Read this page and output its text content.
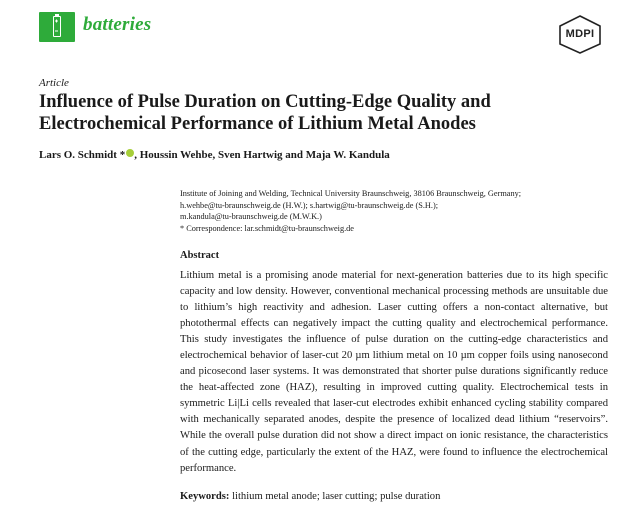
batteries	MDPI
Article
Influence of Pulse Duration on Cutting-Edge Quality and Electrochemical Performance of Lithium Metal Anodes
Lars O. Schmidt * , Houssin Wehbe, Sven Hartwig and Maja W. Kandula
Institute of Joining and Welding, Technical University Braunschweig, 38106 Braunschweig, Germany;
h.wehbe@tu-braunschweig.de (H.W.); s.hartwig@tu-braunschweig.de (S.H.);
m.kandula@tu-braunschweig.de (M.W.K.)
* Correspondence: lar.schmidt@tu-braunschweig.de
Abstract
Lithium metal is a promising anode material for next-generation batteries due to its high specific capacity and low density. However, conventional mechanical processing methods are unsuitable due to lithium’s high reactivity and adhesion. Laser cutting offers a non-contact alternative, but photothermal effects can negatively impact the cutting quality and electrochemical performance. This study investigates the influence of pulse duration on the cutting-edge characteristics and electrochemical behavior of laser-cut 20 µm lithium metal on 10 µm copper foils using nanosecond and picosecond laser systems. It was demonstrated that shorter pulse durations significantly reduce the heat-affected zone (HAZ), resulting in improved cutting quality. Electrochemical tests in symmetric Li|Li cells revealed that laser-cut electrodes exhibit enhanced cycling stability compared with mechanically separated anodes, despite the presence of localized dead lithium “reservoirs”. While the overall pulse duration did not show a direct impact on ionic resistance, the characteristics of the cutting edge, particularly the extent of the HAZ, were found to influence the electrochemical performance.
Keywords: lithium metal anode; laser cutting; pulse duration
